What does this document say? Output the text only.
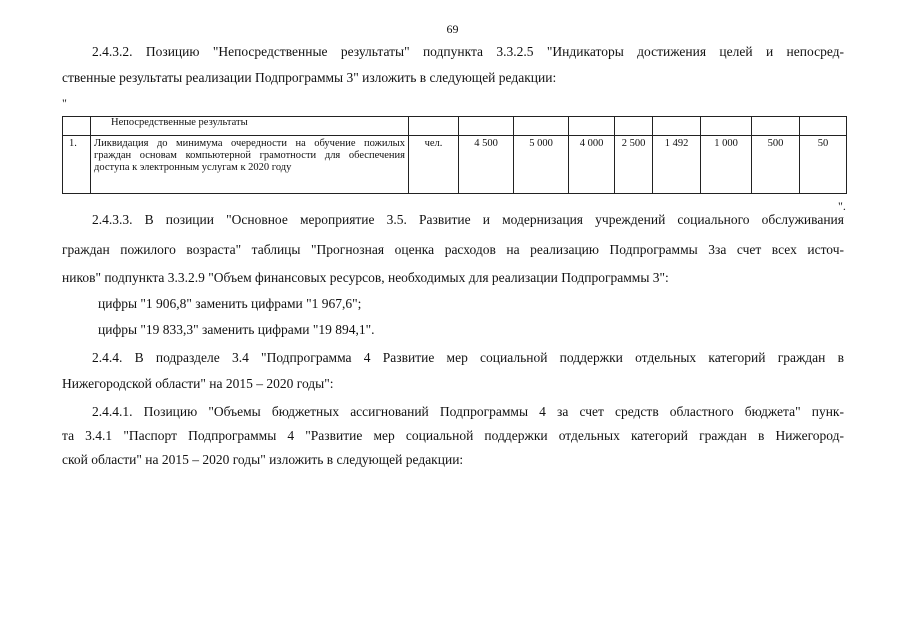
69
2.4.3.2. Позицию "Непосредственные результаты" подпункта 3.3.2.5 "Индикаторы достижения целей и непосред-
ственные результаты реализации Подпрограммы 3" изложить в следующей редакции:
"
	Непосредственные результаты									
1.	Ликвидация до минимума очередности на обучение пожилых граждан основам компьютерной грамотности для обеспечения доступа к электронным услугам к 2020 году	чел.	4 500	5 000	4 000	2 500	1 492	1 000	500	50
".
2.4.3.3. В позиции "Основное мероприятие 3.5. Развитие и модернизация учреждений социального обслуживания
граждан пожилого возраста" таблицы "Прогнозная оценка расходов на реализацию Подпрограммы 3за счет всех источ-
ников" подпункта 3.3.2.9 "Объем финансовых ресурсов, необходимых для реализации Подпрограммы 3":
цифры "1 906,8" заменить цифрами "1 967,6";
цифры "19 833,3" заменить цифрами "19 894,1".
2.4.4. В подразделе 3.4 "Подпрограмма 4 Развитие мер социальной поддержки отдельных категорий граждан в
Нижегородской области" на 2015 – 2020 годы":
2.4.4.1. Позицию "Объемы бюджетных ассигнований Подпрограммы 4 за счет средств областного бюджета" пунк-
та 3.4.1 "Паспорт Подпрограммы 4 "Развитие мер социальной поддержки отдельных категорий граждан в Нижегород-
ской области" на 2015 – 2020 годы" изложить в следующей редакции:
